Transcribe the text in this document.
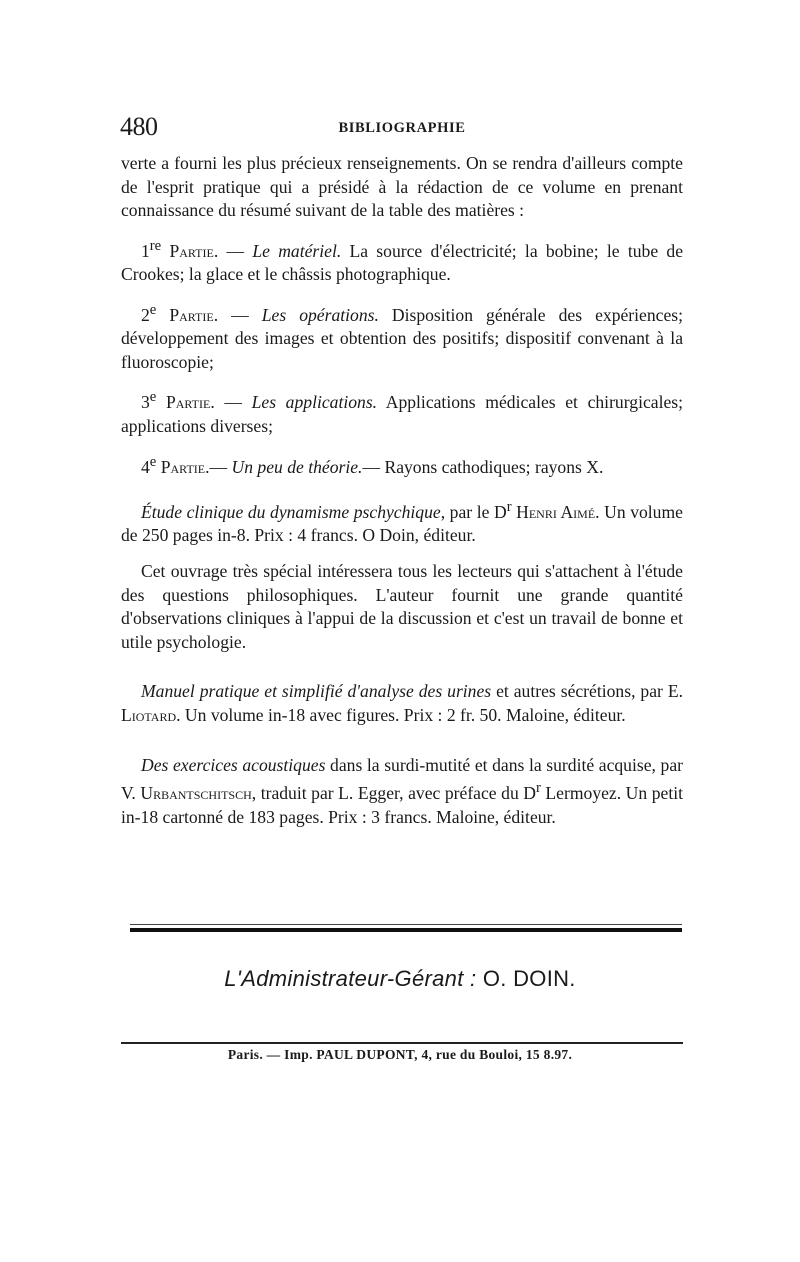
480	BIBLIOGRAPHIE

verte a fourni les plus précieux renseignements. On se rendra d'ailleurs compte de l'esprit pratique qui a présidé à la rédaction de ce volume en prenant connaissance du résumé suivant de la table des matières :

1re Partie. — Le matériel. La source d'électricité; la bobine; le tube de Crookes; la glace et le châssis photographique.

2e Partie. — Les opérations. Disposition générale des expériences; développement des images et obtention des positifs; dispositif convenant à la fluoroscopie;

3e Partie. — Les applications. Applications médicales et chirurgicales; applications diverses;

4e Partie.— Un peu de théorie.— Rayons cathodiques; rayons X.

Étude clinique du dynamisme pschychique, par le $D^r$ Henri Aimé. Un volume de 250 pages in-8. Prix : 4 francs. O Doin, éditeur.

Cet ouvrage très spécial intéressera tous les lecteurs qui s'attachent à l'étude des questions philosophiques. L'auteur fournit une grande quantité d'observations cliniques à l'appui de la discussion et c'est un travail de bonne et utile psychologie.

Manuel pratique et simplifié d'analyse des urines et autres sécrétions, par E. Liotard. Un volume in-18 avec figures. Prix : 2 fr. 50. Maloine, éditeur.

Des exercices acoustiques dans la surdi-mutité et dans la surdité acquise, par V. Urbantschitsch, traduit par L. Egger, avec préface du $D^r$ Lermoyez. Un petit in-18 cartonné de 183 pages. Prix : 3 francs. Maloine, éditeur.

L'Administrateur-Gérant : O. DOIN.
Paris. — Imp. PAUL DUPONT, 4, rue du Bouloi, 15 8.97.
